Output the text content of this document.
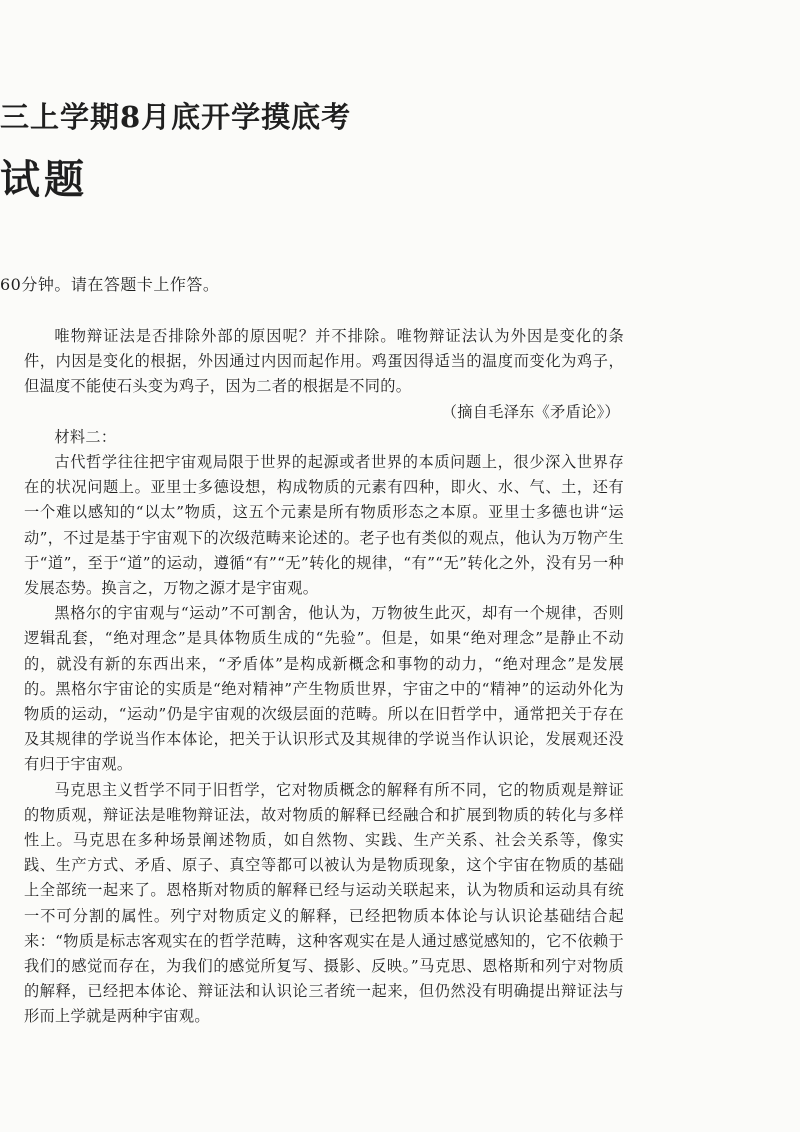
三上学期8月底开学摸底考
试题
60分钟。请在答题卡上作答。

唯物辩证法是否排除外部的原因呢？并不排除。唯物辩证法认为外因是变化的条件，内因是变化的根据，外因通过内因而起作用。鸡蛋因得适当的温度而变化为鸡子，但温度不能使石头变为鸡子，因为二者的根据是不同的。

（摘自毛泽东《矛盾论》）

材料二：

古代哲学往往把宇宙观局限于世界的起源或者世界的本质问题上，很少深入世界存在的状况问题上。亚里士多德设想，构成物质的元素有四种，即火、水、气、土，还有一个难以感知的“以太”物质，这五个元素是所有物质形态之本原。亚里士多德也讲“运动”，不过是基于宇宙观下的次级范畴来论述的。老子也有类似的观点，他认为万物产生于“道”，至于“道”的运动，遵循“有”“无”转化的规律，“有”“无”转化之外，没有另一种发展态势。换言之，万物之源才是宇宙观。

黑格尔的宇宙观与“运动”不可割舍，他认为，万物彼生此灭，却有一个规律，否则逻辑乱套，“绝对理念”是具体物质生成的“先验”。但是，如果“绝对理念”是静止不动的，就没有新的东西出来，“矛盾体”是构成新概念和事物的动力，“绝对理念”是发展的。黑格尔宇宙论的实质是“绝对精神”产生物质世界，宇宙之中的“精神”的运动外化为物质的运动，“运动”仍是宇宙观的次级层面的范畴。所以在旧哲学中，通常把关于存在及其规律的学说当作本体论，把关于认识形式及其规律的学说当作认识论，发展观还没有归于宇宙观。

马克思主义哲学不同于旧哲学，它对物质概念的解释有所不同，它的物质观是辩证的物质观，辩证法是唯物辩证法，故对物质的解释已经融合和扩展到物质的转化与多样性上。马克思在多种场景阐述物质，如自然物、实践、生产关系、社会关系等，像实践、生产方式、矛盾、原子、真空等都可以被认为是物质现象，这个宇宙在物质的基础上全部统一起来了。恩格斯对物质的解释已经与运动关联起来，认为物质和运动具有统一不可分割的属性。列宁对物质定义的解释，已经把物质本体论与认识论基础结合起来：“物质是标志客观实在的哲学范畴，这种客观实在是人通过感觉感知的，它不依赖于我们的感觉而存在，为我们的感觉所复写、摄影、反映。”马克思、恩格斯和列宁对物质的解释，已经把本体论、辩证法和认识论三者统一起来，但仍然没有明确提出辩证法与形而上学就是两种宇宙观。
